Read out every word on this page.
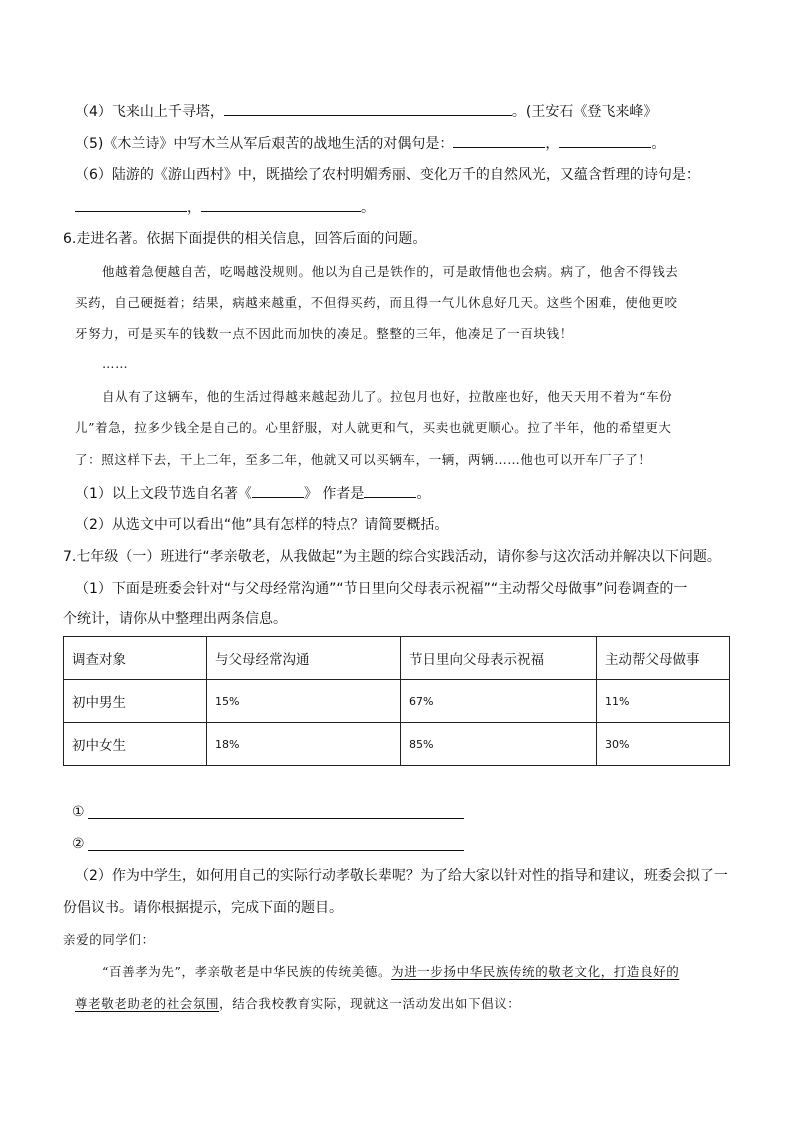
（4）飞来山上千寻塔，	。(王安石《登飞来峰》
（5)《木兰诗》中写木兰从军后艰苦的战地生活的对偶句是：	，	。
（6）陆游的《游山西村》中，既描绘了农村明媚秀丽、变化万千的自然风光，又蕴含哲理的诗句是：
，	。
6.走进名著。依据下面提供的相关信息，回答后面的问题。
他越着急便越自苦，吃喝越没规则。他以为自己是铁作的，可是敢情他也会病。病了，他舍不得钱去
买药，自己硬挺着；结果，病越来越重，不但得买药，而且得一气儿休息好几天。这些个困难，使他更咬
牙努力，可是买车的钱数一点不因此而加快的凑足。整整的三年，他凑足了一百块钱！
……
自从有了这辆车，他的生活过得越来越起劲儿了。拉包月也好，拉散座也好，他天天用不着为“车份
儿”着急，拉多少钱全是自己的。心里舒服，对人就更和气，买卖也就更顺心。拉了半年，他的希望更大
了：照这样下去，干上二年，至多二年，他就又可以买辆车，一辆，两辆……他也可以开车厂子了！
（1）以上文段节选自名著《	》 作者是	。
（2）从选文中可以看出“他”具有怎样的特点？请简要概括。
7.七年级（一）班进行“孝亲敬老，从我做起”为主题的综合实践活动，请你参与这次活动并解决以下问题。
（1）下面是班委会针对“与父母经常沟通”“节日里向父母表示祝福”“主动帮父母做事”问卷调查的一
个统计，请你从中整理出两条信息。
调查对象	与父母经常沟通	节日里向父母表示祝福	主动帮父母做事
初中男生	15%	67%	11%
初中女生	18%	85%	30%
①
②
（2）作为中学生，如何用自己的实际行动孝敬长辈呢？为了给大家以针对性的指导和建议，班委会拟了一
份倡议书。请你根据提示，完成下面的题目。
亲爱的同学们：
“百善孝为先”，孝亲敬老是中华民族的传统美德。为进一步扬中华民族传统的敬老文化，打造良好的
尊老敬老助老的社会氛围，结合我校教育实际，现就这一活动发出如下倡议：
